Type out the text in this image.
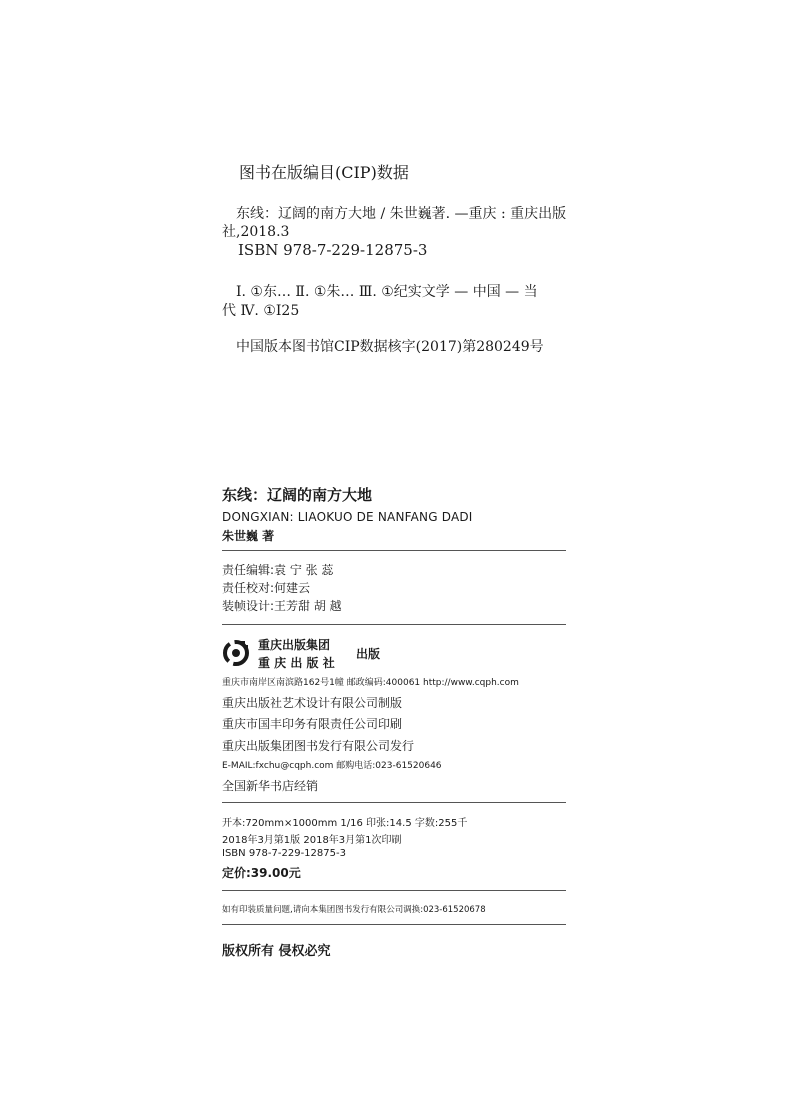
图书在版编目(CIP)数据
东线：辽阔的南方大地 / 朱世巍著. —重庆 : 重庆出版
社,2018.3
ISBN 978-7-229-12875-3
Ⅰ. ①东… Ⅱ. ①朱… Ⅲ. ①纪实文学 — 中国 — 当
代 Ⅳ. ①I25
中国版本图书馆CIP数据核字(2017)第280249号
东线：辽阔的南方大地
DONGXIAN: LIAOKUO DE NANFANG DADI
朱世巍 著
责任编辑:袁 宁 张 蕊
责任校对:何建云
装帧设计:王芳甜 胡 越
重庆出版集团
重 庆 出 版 社
出版
重庆市南岸区南滨路162号1幢 邮政编码:400061 http://www.cqph.com
重庆出版社艺术设计有限公司制版
重庆市国丰印务有限责任公司印刷
重庆出版集团图书发行有限公司发行
E-MAIL:fxchu@cqph.com 邮购电话:023-61520646
全国新华书店经销
开本:720mm×1000mm 1/16 印张:14.5 字数:255千
2018年3月第1版 2018年3月第1次印刷
ISBN 978-7-229-12875-3
定价:39.00元
如有印装质量问题,请向本集团图书发行有限公司调换:023-61520678
版权所有 侵权必究
